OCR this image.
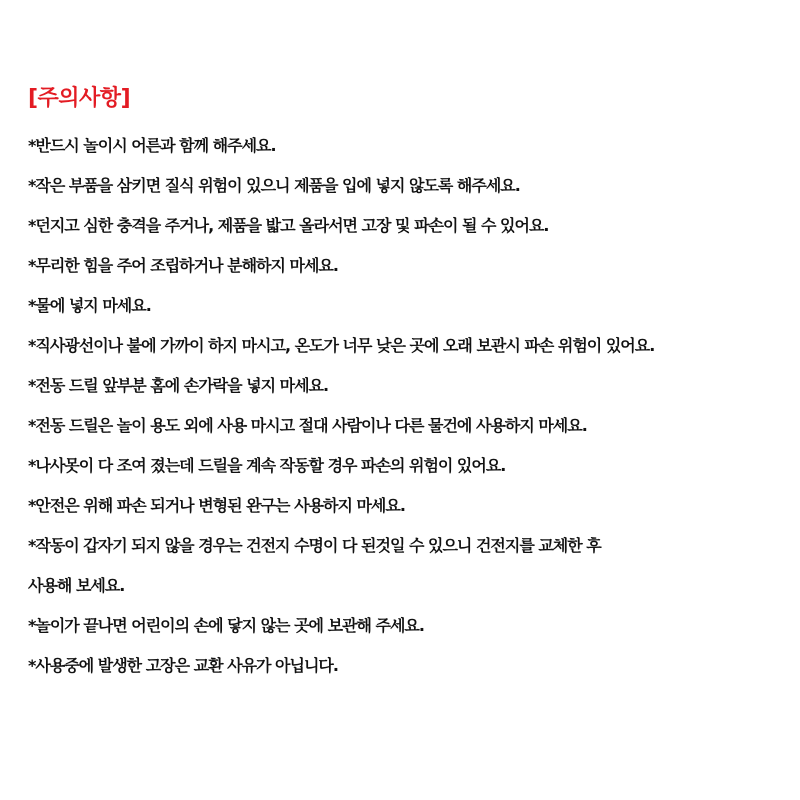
[주의사항]
*반드시 놀이시 어른과 함께 해주세요.
*작은 부품을 삼키면 질식 위험이 있으니 제품을 입에 넣지 않도록 해주세요.
*던지고 심한 충격을 주거나, 제품을 밟고 올라서면 고장 및 파손이 될 수 있어요.
*무리한 힘을 주어 조립하거나 분해하지 마세요.
*물에 넣지 마세요.
*직사광선이나 불에 가까이 하지 마시고, 온도가 너무 낮은 곳에 오래 보관시 파손 위험이 있어요.
*전동 드릴 앞부분 홈에 손가락을 넣지 마세요.
*전동 드릴은 놀이 용도 외에 사용 마시고 절대 사람이나 다른 물건에 사용하지 마세요.
*나사못이 다 조여 졌는데 드릴을 계속 작동할 경우 파손의 위험이 있어요.
*안전은 위해 파손 되거나 변형된 완구는 사용하지 마세요.
*작동이 갑자기 되지 않을 경우는 건전지 수명이 다 된것일 수 있으니 건전지를 교체한 후
사용해 보세요.
*놀이가 끝나면 어린이의 손에 닿지 않는 곳에 보관해 주세요.
*사용중에 발생한 고장은 교환 사유가 아닙니다.
